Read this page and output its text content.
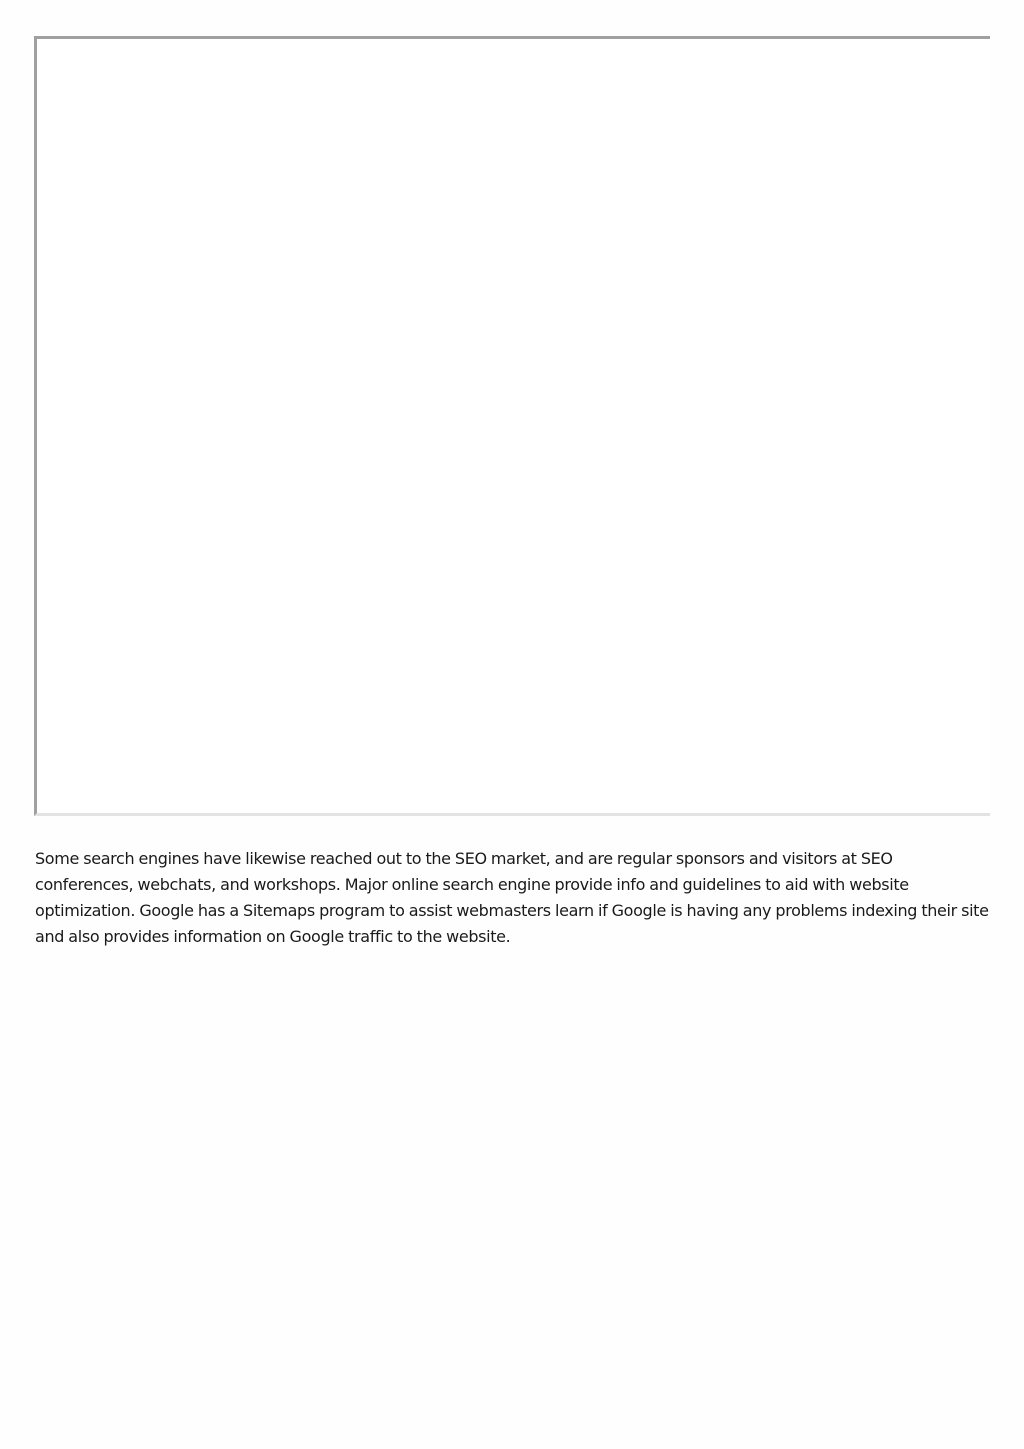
Some search engines have likewise reached out to the SEO market, and are regular sponsors and visitors at SEO conferences, webchats, and workshops. Major online search engine provide info and guidelines to aid with website optimization. Google has a Sitemaps program to assist webmasters learn if Google is having any problems indexing their site and also provides information on Google traffic to the website.
